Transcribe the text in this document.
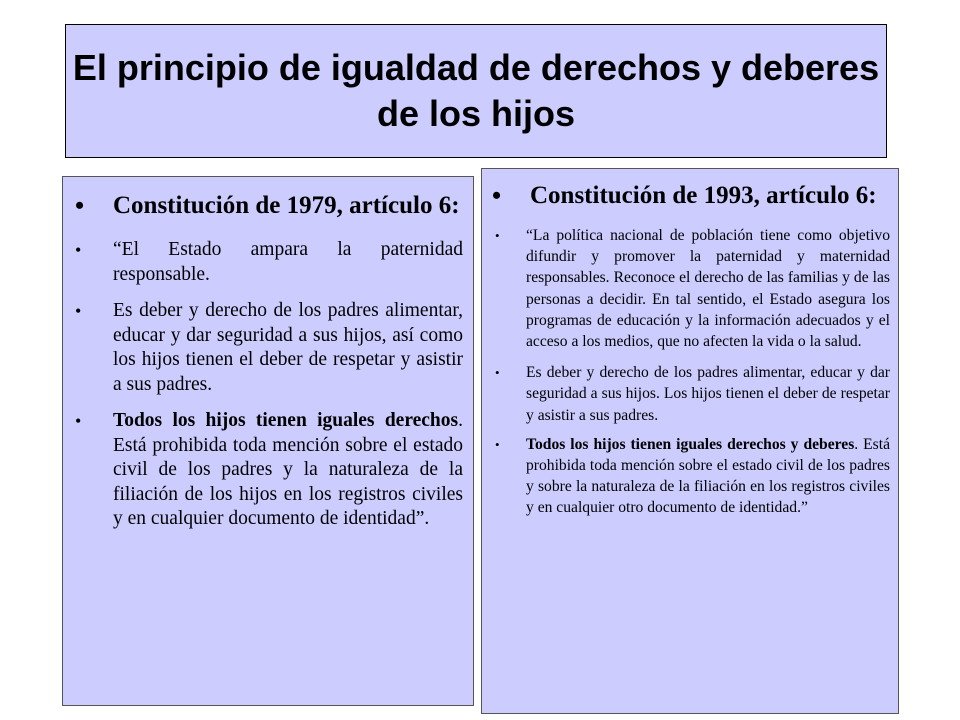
El principio de igualdad de derechos y deberes de los hijos
• Constitución de 1979, artículo 6:
• “El Estado ampara la paternidad responsable.
• Es deber y derecho de los padres alimentar, educar y dar seguridad a sus hijos, así como los hijos tienen el deber de respetar y asistir a sus padres.
• Todos los hijos tienen iguales derechos. Está prohibida toda mención sobre el estado civil de los padres y la naturaleza de la filiación de los hijos en los registros civiles y en cualquier documento de identidad”.
• Constitución de 1993, artículo 6:
• “La política nacional de población tiene como objetivo difundir y promover la paternidad y maternidad responsables. Reconoce el derecho de las familias y de las personas a decidir. En tal sentido, el Estado asegura los programas de educación y la información adecuados y el acceso a los medios, que no afecten la vida o la salud.
• Es deber y derecho de los padres alimentar, educar y dar seguridad a sus hijos. Los hijos tienen el deber de respetar y asistir a sus padres.
• Todos los hijos tienen iguales derechos y deberes. Está prohibida toda mención sobre el estado civil de los padres y sobre la naturaleza de la filiación en los registros civiles y en cualquier otro documento de identidad.”
